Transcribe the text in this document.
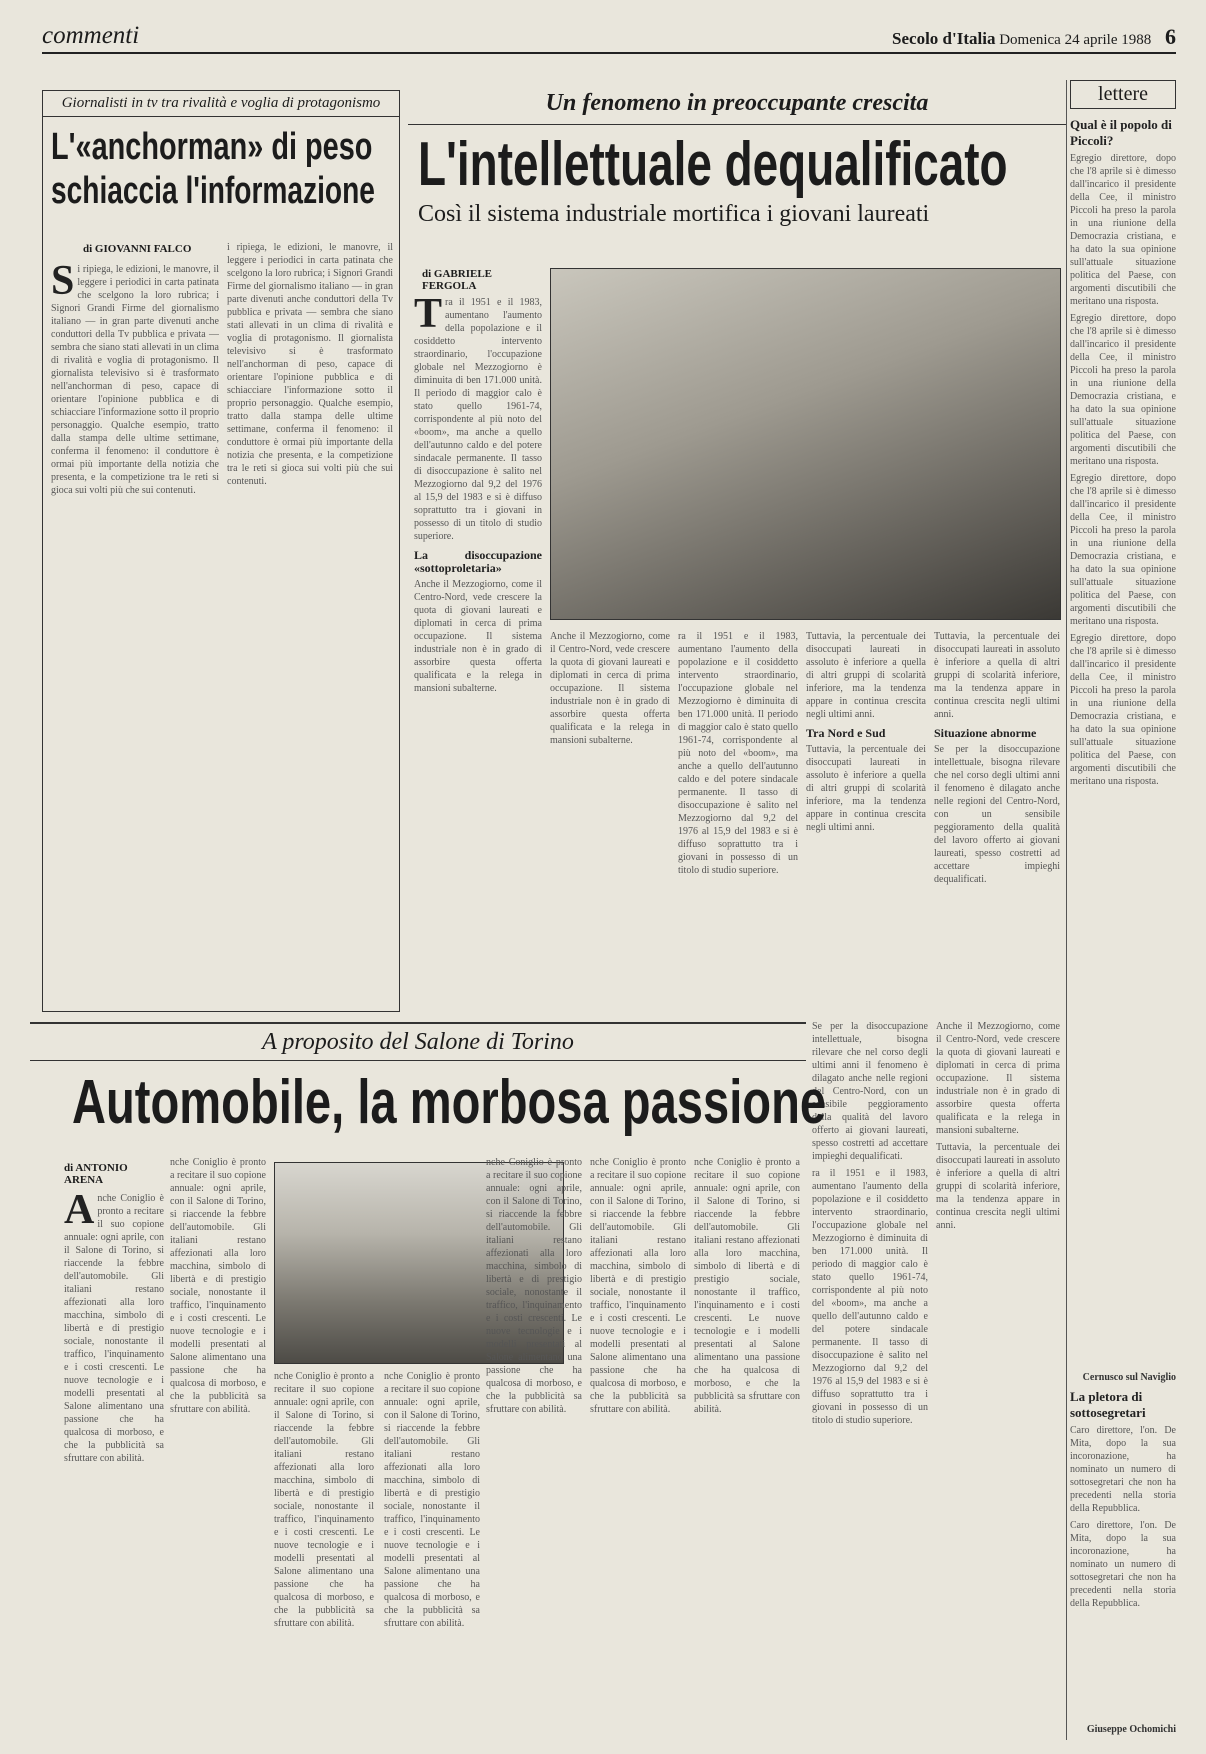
commenti	Secolo d'Italia Domenica 24 aprile 1988 6
Giornalisti in tv tra rivalità e voglia di protagonismo
L'«anchorman» di peso
schiaccia l'informazione
di GIOVANNI FALCO

Si ripiega, le edizioni, le manovre, il leggere i periodici in carta patinata che scelgono la loro rubrica; i Signori Grandi Firme del giornalismo italiano — in gran parte divenuti anche conduttori della Tv pubblica e privata — sembra che siano stati allevati in un clima di rivalità e voglia di protagonismo. Il giornalista televisivo si è trasformato nell'anchorman di peso, capace di orientare l'opinione pubblica e di schiacciare l'informazione sotto il proprio personaggio. Qualche esempio, tratto dalla stampa delle ultime settimane, conferma il fenomeno: il conduttore è ormai più importante della notizia che presenta, e la competizione tra le reti si gioca sui volti più che sui contenuti.

i ripiega, le edizioni, le manovre, il leggere i periodici in carta patinata che scelgono la loro rubrica; i Signori Grandi Firme del giornalismo italiano — in gran parte divenuti anche conduttori della Tv pubblica e privata — sembra che siano stati allevati in un clima di rivalità e voglia di protagonismo. Il giornalista televisivo si è trasformato nell'anchorman di peso, capace di orientare l'opinione pubblica e di schiacciare l'informazione sotto il proprio personaggio. Qualche esempio, tratto dalla stampa delle ultime settimane, conferma il fenomeno: il conduttore è ormai più importante della notizia che presenta, e la competizione tra le reti si gioca sui volti più che sui contenuti.

Un fenomeno in preoccupante crescita
L'intellettuale dequalificato
Così il sistema industriale mortifica i giovani laureati
di GABRIELE FERGOLA

Tra il 1951 e il 1983, aumentano l'aumento della popolazione e il cosiddetto intervento straordinario, l'occupazione globale nel Mezzogiorno è diminuita di ben 171.000 unità. Il periodo di maggior calo è stato quello 1961-74, corrispondente al più noto del «boom», ma anche a quello dell'autunno caldo e del potere sindacale permanente. Il tasso di disoccupazione è salito nel Mezzogiorno dal 9,2 del 1976 al 15,9 del 1983 e si è diffuso soprattutto tra i giovani in possesso di un titolo di studio superiore.

La disoccupazione «sottoproletaria»

Anche il Mezzogiorno, come il Centro-Nord, vede crescere la quota di giovani laureati e diplomati in cerca di prima occupazione. Il sistema industriale non è in grado di assorbire questa offerta qualificata e la relega in mansioni subalterne.

Anche il Mezzogiorno, come il Centro-Nord, vede crescere la quota di giovani laureati e diplomati in cerca di prima occupazione. Il sistema industriale non è in grado di assorbire questa offerta qualificata e la relega in mansioni subalterne.

ra il 1951 e il 1983, aumentano l'aumento della popolazione e il cosiddetto intervento straordinario, l'occupazione globale nel Mezzogiorno è diminuita di ben 171.000 unità. Il periodo di maggior calo è stato quello 1961-74, corrispondente al più noto del «boom», ma anche a quello dell'autunno caldo e del potere sindacale permanente. Il tasso di disoccupazione è salito nel Mezzogiorno dal 9,2 del 1976 al 15,9 del 1983 e si è diffuso soprattutto tra i giovani in possesso di un titolo di studio superiore.

Tuttavia, la percentuale dei disoccupati laureati in assoluto è inferiore a quella di altri gruppi di scolarità inferiore, ma la tendenza appare in continua crescita negli ultimi anni.

Tra Nord e Sud

Tuttavia, la percentuale dei disoccupati laureati in assoluto è inferiore a quella di altri gruppi di scolarità inferiore, ma la tendenza appare in continua crescita negli ultimi anni.

Tuttavia, la percentuale dei disoccupati laureati in assoluto è inferiore a quella di altri gruppi di scolarità inferiore, ma la tendenza appare in continua crescita negli ultimi anni.

Situazione abnorme

Se per la disoccupazione intellettuale, bisogna rilevare che nel corso degli ultimi anni il fenomeno è dilagato anche nelle regioni del Centro-Nord, con un sensibile peggioramento della qualità del lavoro offerto ai giovani laureati, spesso costretti ad accettare impieghi dequalificati.

Se per la disoccupazione intellettuale, bisogna rilevare che nel corso degli ultimi anni il fenomeno è dilagato anche nelle regioni del Centro-Nord, con un sensibile peggioramento della qualità del lavoro offerto ai giovani laureati, spesso costretti ad accettare impieghi dequalificati.

ra il 1951 e il 1983, aumentano l'aumento della popolazione e il cosiddetto intervento straordinario, l'occupazione globale nel Mezzogiorno è diminuita di ben 171.000 unità. Il periodo di maggior calo è stato quello 1961-74, corrispondente al più noto del «boom», ma anche a quello dell'autunno caldo e del potere sindacale permanente. Il tasso di disoccupazione è salito nel Mezzogiorno dal 9,2 del 1976 al 15,9 del 1983 e si è diffuso soprattutto tra i giovani in possesso di un titolo di studio superiore.

Anche il Mezzogiorno, come il Centro-Nord, vede crescere la quota di giovani laureati e diplomati in cerca di prima occupazione. Il sistema industriale non è in grado di assorbire questa offerta qualificata e la relega in mansioni subalterne.

Tuttavia, la percentuale dei disoccupati laureati in assoluto è inferiore a quella di altri gruppi di scolarità inferiore, ma la tendenza appare in continua crescita negli ultimi anni.

A proposito del Salone di Torino
Automobile, la morbosa passione
di ANTONIO ARENA

Anche Coniglio è pronto a recitare il suo copione annuale: ogni aprile, con il Salone di Torino, si riaccende la febbre dell'automobile. Gli italiani restano affezionati alla loro macchina, simbolo di libertà e di prestigio sociale, nonostante il traffico, l'inquinamento e i costi crescenti. Le nuove tecnologie e i modelli presentati al Salone alimentano una passione che ha qualcosa di morboso, e che la pubblicità sa sfruttare con abilità.

nche Coniglio è pronto a recitare il suo copione annuale: ogni aprile, con il Salone di Torino, si riaccende la febbre dell'automobile. Gli italiani restano affezionati alla loro macchina, simbolo di libertà e di prestigio sociale, nonostante il traffico, l'inquinamento e i costi crescenti. Le nuove tecnologie e i modelli presentati al Salone alimentano una passione che ha qualcosa di morboso, e che la pubblicità sa sfruttare con abilità.

nche Coniglio è pronto a recitare il suo copione annuale: ogni aprile, con il Salone di Torino, si riaccende la febbre dell'automobile. Gli italiani restano affezionati alla loro macchina, simbolo di libertà e di prestigio sociale, nonostante il traffico, l'inquinamento e i costi crescenti. Le nuove tecnologie e i modelli presentati al Salone alimentano una passione che ha qualcosa di morboso, e che la pubblicità sa sfruttare con abilità.

nche Coniglio è pronto a recitare il suo copione annuale: ogni aprile, con il Salone di Torino, si riaccende la febbre dell'automobile. Gli italiani restano affezionati alla loro macchina, simbolo di libertà e di prestigio sociale, nonostante il traffico, l'inquinamento e i costi crescenti. Le nuove tecnologie e i modelli presentati al Salone alimentano una passione che ha qualcosa di morboso, e che la pubblicità sa sfruttare con abilità.

nche Coniglio è pronto a recitare il suo copione annuale: ogni aprile, con il Salone di Torino, si riaccende la febbre dell'automobile. Gli italiani restano affezionati alla loro macchina, simbolo di libertà e di prestigio sociale, nonostante il traffico, l'inquinamento e i costi crescenti. Le nuove tecnologie e i modelli presentati al Salone alimentano una passione che ha qualcosa di morboso, e che la pubblicità sa sfruttare con abilità.

nche Coniglio è pronto a recitare il suo copione annuale: ogni aprile, con il Salone di Torino, si riaccende la febbre dell'automobile. Gli italiani restano affezionati alla loro macchina, simbolo di libertà e di prestigio sociale, nonostante il traffico, l'inquinamento e i costi crescenti. Le nuove tecnologie e i modelli presentati al Salone alimentano una passione che ha qualcosa di morboso, e che la pubblicità sa sfruttare con abilità.

nche Coniglio è pronto a recitare il suo copione annuale: ogni aprile, con il Salone di Torino, si riaccende la febbre dell'automobile. Gli italiani restano affezionati alla loro macchina, simbolo di libertà e di prestigio sociale, nonostante il traffico, l'inquinamento e i costi crescenti. Le nuove tecnologie e i modelli presentati al Salone alimentano una passione che ha qualcosa di morboso, e che la pubblicità sa sfruttare con abilità.

lettere
Qual è il popolo di Piccoli?

Egregio direttore, dopo che l'8 aprile si è dimesso dall'incarico il presidente della Cee, il ministro Piccoli ha preso la parola in una riunione della Democrazia cristiana, e ha dato la sua opinione sull'attuale situazione politica del Paese, con argomenti discutibili che meritano una risposta.

Egregio direttore, dopo che l'8 aprile si è dimesso dall'incarico il presidente della Cee, il ministro Piccoli ha preso la parola in una riunione della Democrazia cristiana, e ha dato la sua opinione sull'attuale situazione politica del Paese, con argomenti discutibili che meritano una risposta.

Egregio direttore, dopo che l'8 aprile si è dimesso dall'incarico il presidente della Cee, il ministro Piccoli ha preso la parola in una riunione della Democrazia cristiana, e ha dato la sua opinione sull'attuale situazione politica del Paese, con argomenti discutibili che meritano una risposta.

Egregio direttore, dopo che l'8 aprile si è dimesso dall'incarico il presidente della Cee, il ministro Piccoli ha preso la parola in una riunione della Democrazia cristiana, e ha dato la sua opinione sull'attuale situazione politica del Paese, con argomenti discutibili che meritano una risposta.

Cernusco sul Naviglio
La pletora di sottosegretari

Caro direttore, l'on. De Mita, dopo la sua incoronazione, ha nominato un numero di sottosegretari che non ha precedenti nella storia della Repubblica.

Caro direttore, l'on. De Mita, dopo la sua incoronazione, ha nominato un numero di sottosegretari che non ha precedenti nella storia della Repubblica.

Giuseppe Ochomichi
